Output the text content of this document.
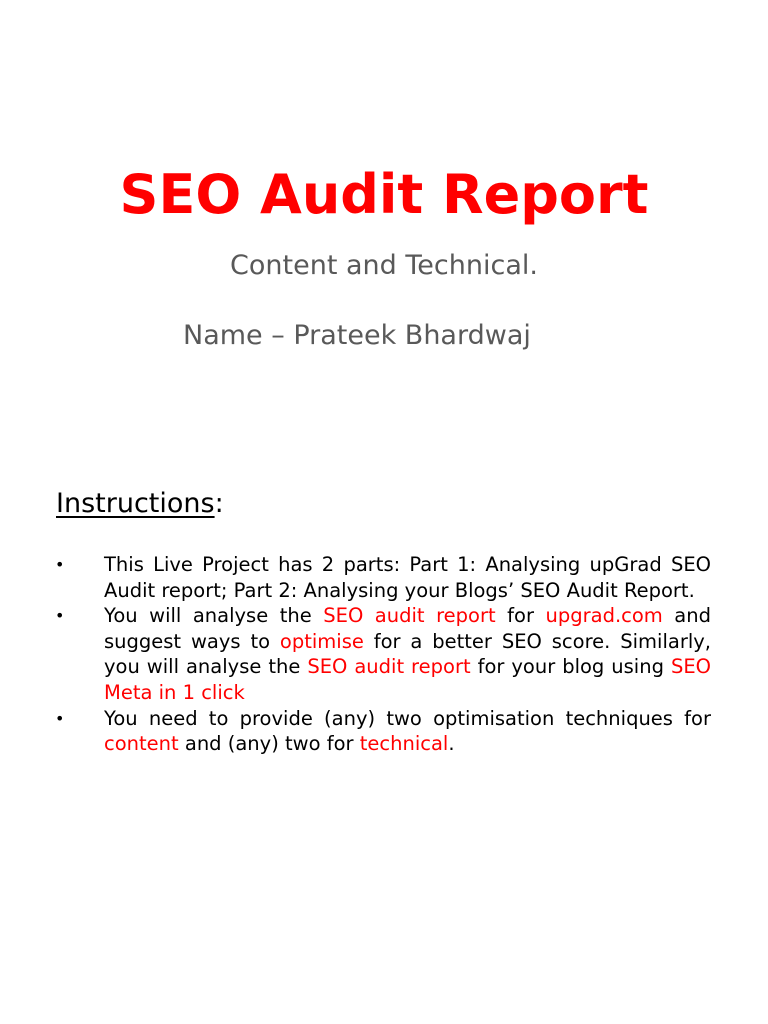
SEO Audit Report

Content and Technical.

Name – Prateek Bhardwaj

Instructions:

• This Live Project has 2 parts: Part 1: Analysing upGrad SEO Audit report; Part 2: Analysing your Blogs’ SEO Audit Report.
• You will analyse the SEO audit report for upgrad.com and suggest ways to optimise for a better SEO score. Similarly, you will analyse the SEO audit report for your blog using SEO Meta in 1 click
• You need to provide (any) two optimisation techniques for content and (any) two for technical.
